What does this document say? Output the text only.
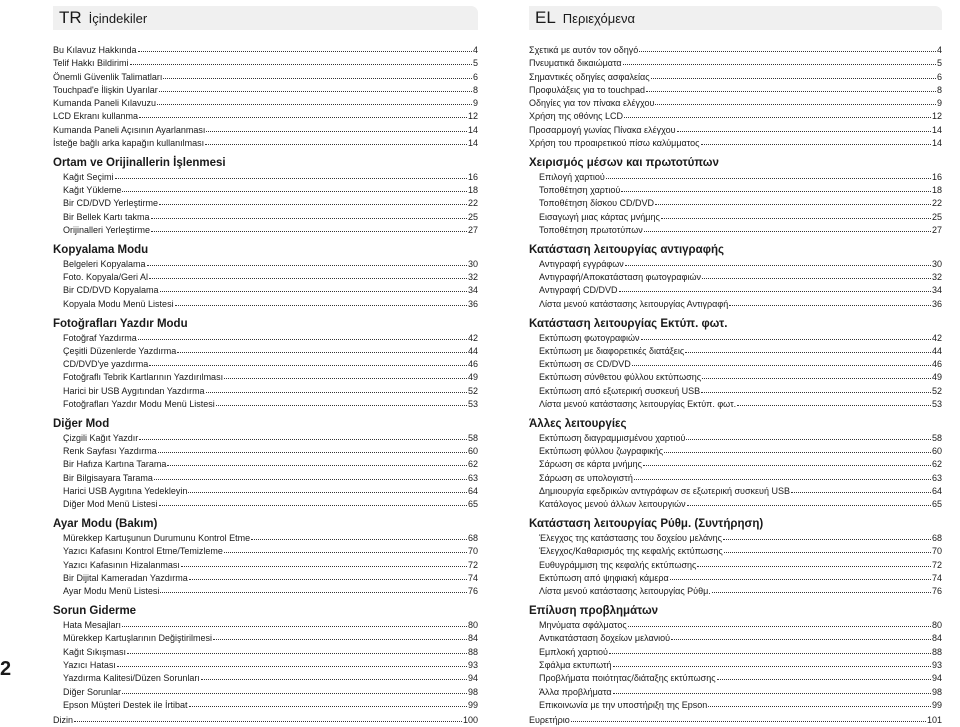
TR İçindekiler
Bu Kılavuz Hakkında	4
Telif Hakkı Bildirimi	5
Önemli Güvenlik Talimatları	6
Touchpad'e İlişkin Uyarılar	8
Kumanda Paneli Kılavuzu	9
LCD Ekranı kullanma	12
Kumanda Paneli Açısının Ayarlanması	14
İsteğe bağlı arka kapağın kullanılması	14
Ortam ve Orijinallerin İşlenmesi
Kağıt Seçimi	16
Kağıt Yükleme	18
Bir CD/DVD Yerleştirme	22
Bir Bellek Kartı takma	25
Orijinalleri Yerleştirme	27
Kopyalama Modu
Belgeleri Kopyalama	30
Foto. Kopyala/Geri Al	32
Bir CD/DVD Kopyalama	34
Kopyala Modu Menü Listesi	36
Fotoğrafları Yazdır Modu
Fotoğraf Yazdırma	42
Çeşitli Düzenlerde Yazdırma	44
CD/DVD'ye yazdırma	46
Fotoğraflı Tebrik Kartlarının Yazdırılması	49
Harici bir USB Aygıtından Yazdırma	52
Fotoğrafları Yazdır Modu Menü Listesi	53
Diğer Mod
Çizgili Kağıt Yazdır	58
Renk Sayfası Yazdırma	60
Bir Hafıza Kartına Tarama	62
Bir Bilgisayara Tarama	63
Harici USB Aygıtına Yedekleyin	64
Diğer Mod Menü Listesi	65
Ayar Modu (Bakım)
Mürekkep Kartuşunun Durumunu Kontrol Etme	68
Yazıcı Kafasını Kontrol Etme/Temizleme	70
Yazıcı Kafasının Hizalanması	72
Bir Dijital Kameradan Yazdırma	74
Ayar Modu Menü Listesi	76
Sorun Giderme
Hata Mesajları	80
Mürekkep Kartuşlarının Değiştirilmesi	84
Kağıt Sıkışması	88
Yazıcı Hatası	93
Yazdırma Kalitesi/Düzen Sorunları	94
Diğer Sorunlar	98
Epson Müşteri Destek ile İrtibat	99
Dizin	100
EL Περιεχόμενα
Σχετικά με αυτόν τον οδηγό	4
Πνευματικά δικαιώματα	5
Σημαντικές οδηγίες ασφαλείας	6
Προφυλάξεις για το touchpad	8
Οδηγίες για τον πίνακα ελέγχου	9
Χρήση της οθόνης LCD	12
Προσαρμογή γωνίας Πίνακα ελέγχου	14
Χρήση του προαιρετικού πίσω καλύμματος	14
Χειρισμός μέσων και πρωτοτύπων
Επιλογή χαρτιού	16
Τοποθέτηση χαρτιού	18
Τοποθέτηση δίσκου CD/DVD	22
Εισαγωγή μιας κάρτας μνήμης	25
Τοποθέτηση πρωτοτύπων	27
Κατάσταση λειτουργίας αντιγραφής
Αντιγραφή εγγράφων	30
Αντιγραφή/Αποκατάσταση φωτογραφιών	32
Αντιγραφή CD/DVD	34
Λίστα μενού κατάστασης λειτουργίας Αντιγραφή	36
Κατάσταση λειτουργίας Εκτύπ. φωτ.
Εκτύπωση φωτογραφιών	42
Εκτύπωση με διαφορετικές διατάξεις	44
Εκτύπωση σε CD/DVD	46
Εκτύπωση σύνθετου φύλλου εκτύπωσης	49
Εκτύπωση από εξωτερική συσκευή USB	52
Λίστα μενού κατάστασης λειτουργίας Εκτύπ. φωτ.	53
Άλλες λειτουργίες
Εκτύπωση διαγραμμισμένου χαρτιού	58
Εκτύπωση φύλλου ζωγραφικής	60
Σάρωση σε κάρτα μνήμης	62
Σάρωση σε υπολογιστή	63
Δημιουργία εφεδρικών αντιγράφων σε εξωτερική συσκευή USB	64
Κατάλογος μενού άλλων λειτουργιών	65
Κατάσταση λειτουργίας Ρύθμ. (Συντήρηση)
Έλεγχος της κατάστασης του δοχείου μελάνης	68
Έλεγχος/Καθαρισμός της κεφαλής εκτύπωσης	70
Ευθυγράμμιση της κεφαλής εκτύπωσης	72
Εκτύπωση από ψηφιακή κάμερα	74
Λίστα μενού κατάστασης λειτουργίας Ρύθμ.	76
Επίλυση προβλημάτων
Μηνύματα σφάλματος	80
Αντικατάσταση δοχείων μελανιού	84
Εμπλοκή χαρτιού	88
Σφάλμα εκτυπωτή	93
Προβλήματα ποιότητας/διάταξης εκτύπωσης	94
Άλλα προβλήματα	98
Επικοινωνία με την υποστήριξη της Epson	99
Ευρετήριο	101
2
